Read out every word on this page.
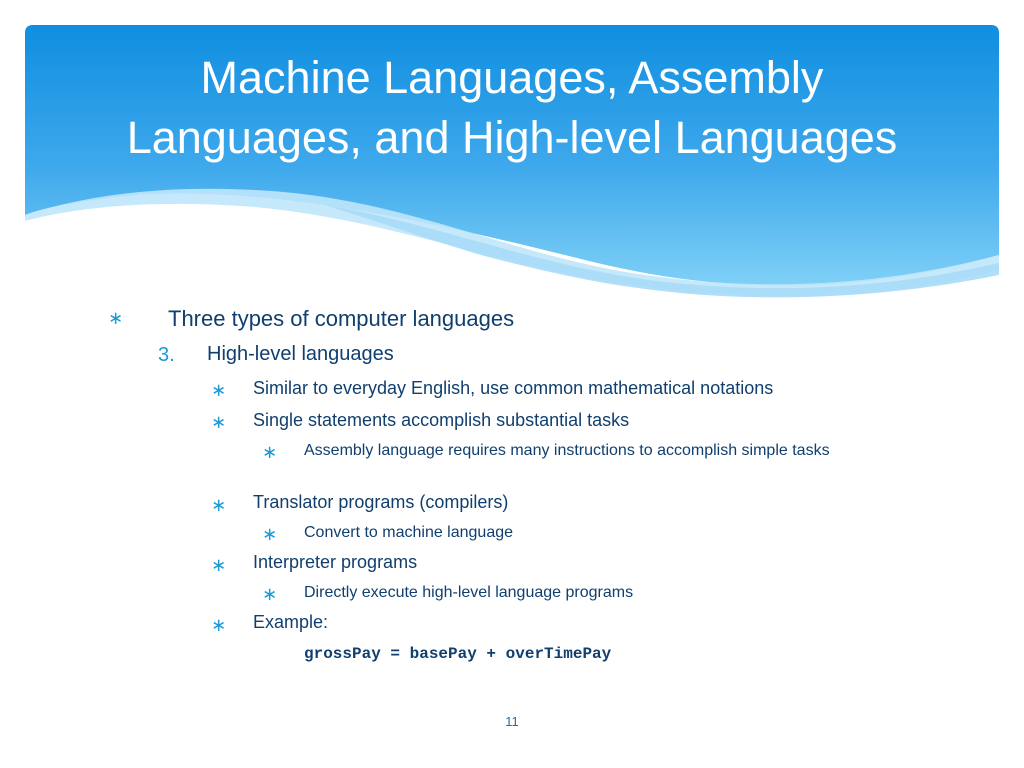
Machine Languages, Assembly
Languages, and High-level Languages
∗ Three types of computer languages
3. High-level languages
∗ Similar to everyday English, use common mathematical notations
∗ Single statements accomplish substantial tasks
∗ Assembly language requires many instructions to accomplish simple tasks
∗ Translator programs (compilers)
∗ Convert to machine language
∗ Interpreter programs
∗ Directly execute high-level language programs
∗ Example:
grossPay = basePay + overTimePay
11
